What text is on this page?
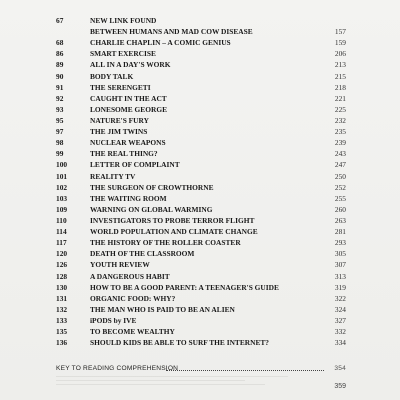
67	NEW LINK FOUND
BETWEEN HUMANS AND MAD COW DISEASE	157
68	CHARLIE CHAPLIN – A COMIC GENIUS	159
86	SMART EXERCISE	206
89	ALL IN A DAY'S WORK	213
90	BODY TALK	215
91	THE SERENGETI	218
92	CAUGHT IN THE ACT	221
93	LONESOME GEORGE	225
95	NATURE'S FURY	232
97	THE JIM TWINS	235
98	NUCLEAR WEAPONS	239
99	THE REAL THING?	243
100	LETTER OF COMPLAINT	247
101	REALITY TV	250
102	THE SURGEON OF CROWTHORNE	252
103	THE WAITING ROOM	255
109	WARNING ON GLOBAL WARMING	260
110	INVESTIGATORS TO PROBE TERROR FLIGHT	263
114	WORLD POPULATION AND CLIMATE CHANGE	281
117	THE HISTORY OF THE ROLLER COASTER	293
120	DEATH OF THE CLASSROOM	305
126	YOUTH REVIEW	307
128	A DANGEROUS HABIT	313
130	HOW TO BE A GOOD PARENT: A TEENAGER'S GUIDE	319
131	ORGANIC FOOD: WHY?	322
132	THE MAN WHO IS PAID TO BE AN ALIEN	324
133	iPODS by IVE	327
135	TO BECOME WEALTHY	332
136	SHOULD KIDS BE ABLE TO SURF THE INTERNET?	334
KEY TO READING COMPREHENSION	354
359
